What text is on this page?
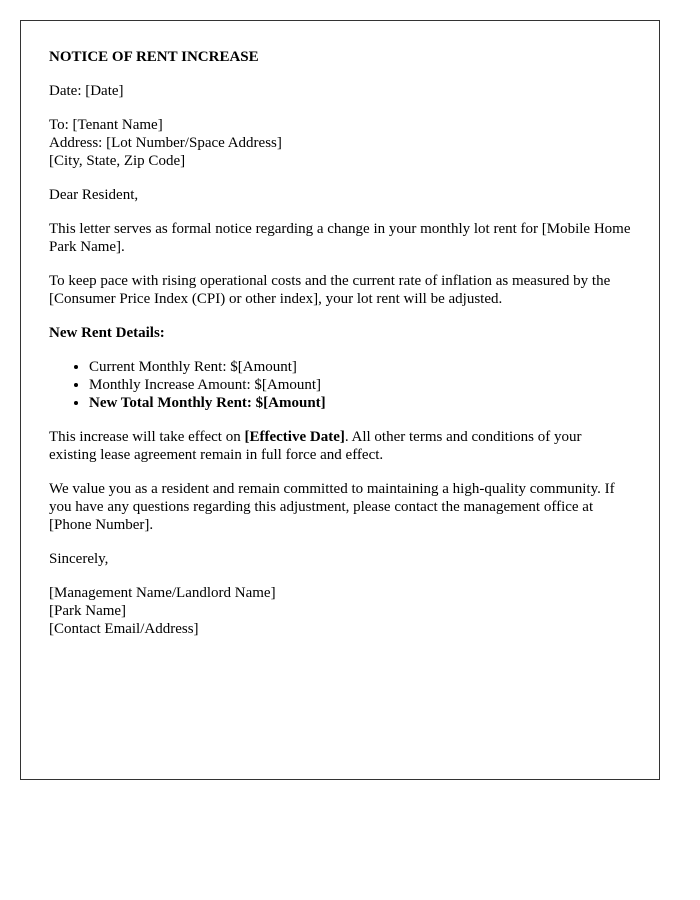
NOTICE OF RENT INCREASE

Date: [Date]

To: [Tenant Name]
Address: [Lot Number/Space Address]
[City, State, Zip Code]

Dear Resident,

This letter serves as formal notice regarding a change in your monthly lot rent for [Mobile Home Park Name].

To keep pace with rising operational costs and the current rate of inflation as measured by the [Consumer Price Index (CPI) or other index], your lot rent will be adjusted.

New Rent Details:
• Current Monthly Rent: $[Amount]
• Monthly Increase Amount: $[Amount]
• New Total Monthly Rent: $[Amount]

This increase will take effect on [Effective Date]. All other terms and conditions of your existing lease agreement remain in full force and effect.

We value you as a resident and remain committed to maintaining a high-quality community. If you have any questions regarding this adjustment, please contact the management office at [Phone Number].

Sincerely,

[Management Name/Landlord Name]
[Park Name]
[Contact Email/Address]
